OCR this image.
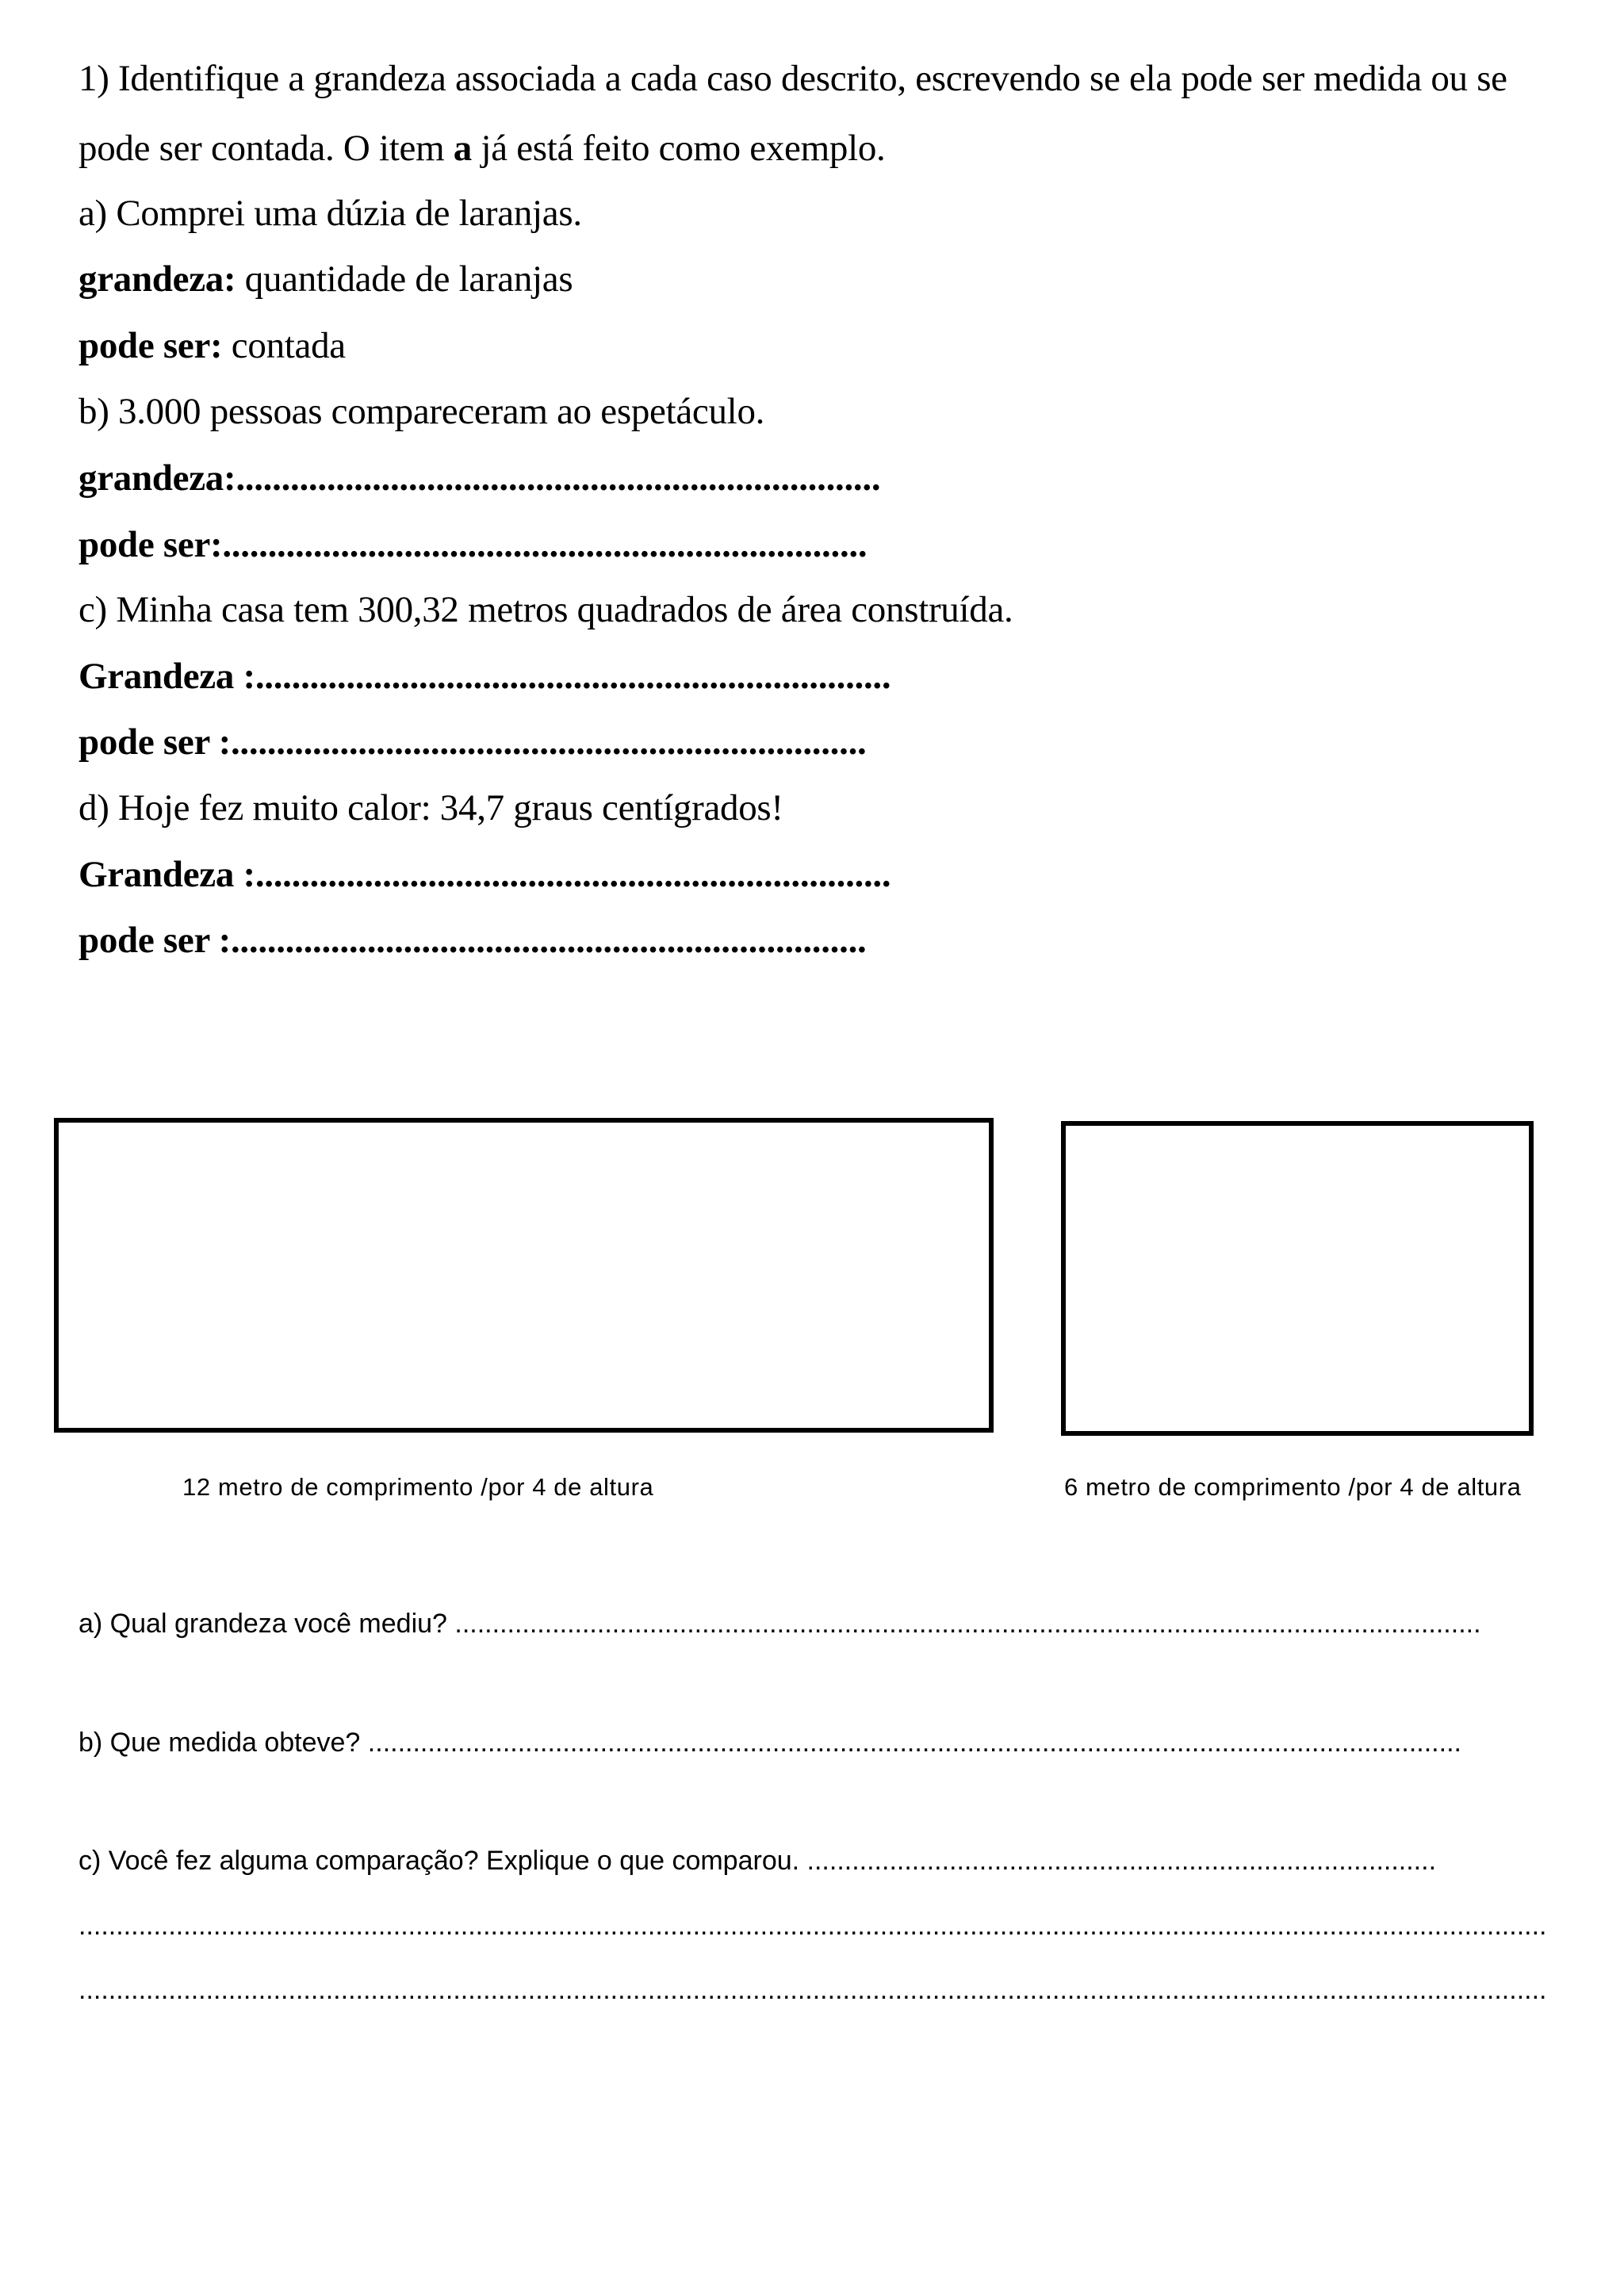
1) Identifique a grandeza associada a cada caso descrito, escrevendo se ela pode ser medida ou se
pode ser contada. O item a já está feito como exemplo.
a) Comprei uma dúzia de laranjas.
grandeza: quantidade de laranjas
pode ser: contada
b) 3.000 pessoas compareceram ao espetáculo.
grandeza:.......................................................................
pode ser:.......................................................................
c) Minha casa tem 300,32 metros quadrados de área construída.
Grandeza :......................................................................
pode ser :......................................................................
d) Hoje fez muito calor: 34,7 graus centígrados!
Grandeza :......................................................................
pode ser :......................................................................
12 metro de comprimento /por 4 de altura	6 metro de comprimento /por 4 de altura
a) Qual grandeza você mediu? .........................................................................................................................................
b) Que medida obteve? ..................................................................................................................................................
c) Você fez alguma comparação? Explique o que comparou. ....................................................................................
....................................................................................................................................................................................................
....................................................................................................................................................................................................
